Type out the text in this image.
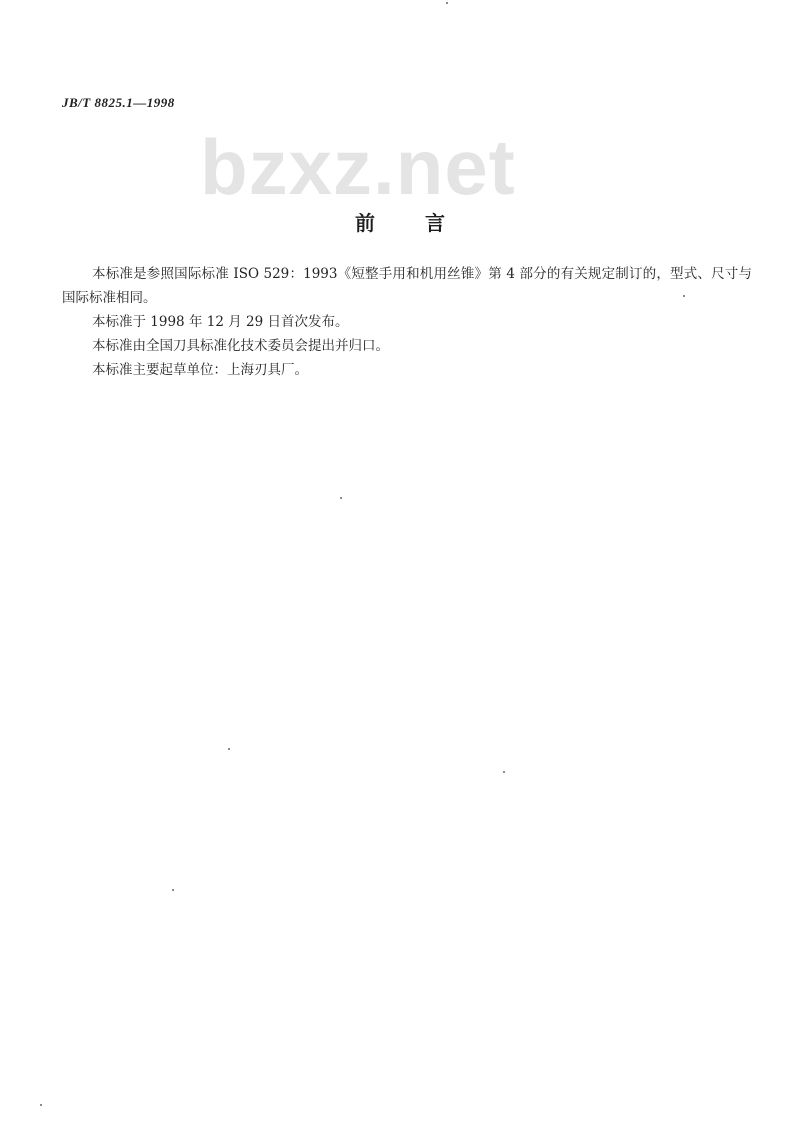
JB/T 8825.1—1998
bzxz.net
前言

本标准是参照国际标准 ISO 529：1993《短整手用和机用丝锥》第 4 部分的有关规定制订的，型式、尺寸与国际标准相同。

本标准于 1998 年 12 月 29 日首次发布。

本标准由全国刀具标准化技术委员会提出并归口。

本标准主要起草单位：上海刃具厂。
